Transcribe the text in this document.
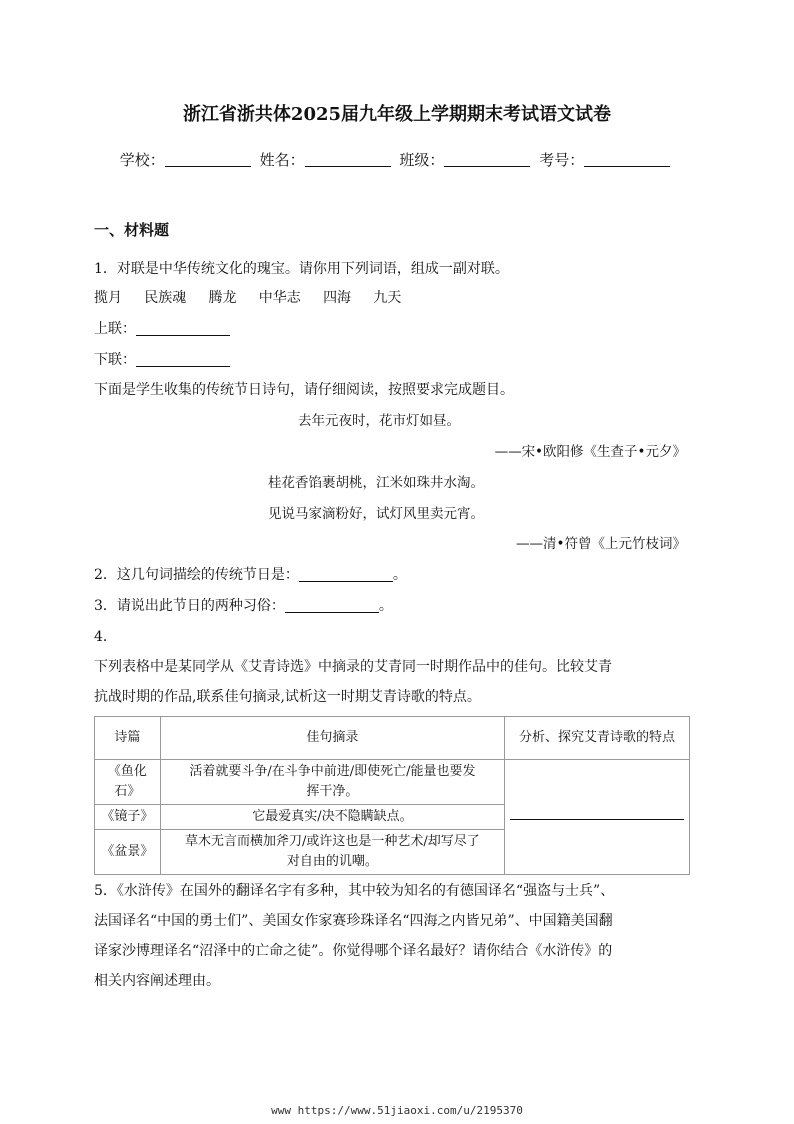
浙江省浙共体2025届九年级上学期期末考试语文试卷
学校：	姓名：	班级：	考号：
一、材料题
1．对联是中华传统文化的瑰宝。请你用下列词语，组成一副对联。
揽月 民族魂 腾龙 中华志 四海 九天
上联：
下联：
下面是学生收集的传统节日诗句，请仔细阅读，按照要求完成题目。
去年元夜时，花市灯如昼。
——宋•欧阳修《生查子•元夕》
桂花香馅裹胡桃，江米如珠井水淘。
见说马家滴粉好，试灯风里卖元宵。
——清•符曾《上元竹枝词》
2．这几句词描绘的传统节日是：	。
3．请说出此节日的两种习俗：	。
4．
下列表格中是某同学从《艾青诗选》中摘录的艾青同一时期作品中的佳句。比较艾青
抗战时期的作品,联系佳句摘录,试析这一时期艾青诗歌的特点。
诗篇	佳句摘录	分析、探究艾青诗歌的特点
《鱼化石》	活着就要斗争/在斗争中前进/即使死亡/能量也要发挥干净。	
《镜子》	它最爱真实/决不隐瞒缺点。	
《盆景》	草木无言而横加斧刀/或许这也是一种艺术/却写尽了对自由的讥嘲。	
5．《水浒传》在国外的翻译名字有多种，其中较为知名的有德国译名“强盗与士兵”、
法国译名“中国的勇士们”、美国女作家赛珍珠译名“四海之内皆兄弟”、中国籍美国翻
译家沙博理译名“沼泽中的亡命之徒”。你觉得哪个译名最好？请你结合《水浒传》的
相关内容阐述理由。
www https://www.51jiaoxi.com/u/2195370
